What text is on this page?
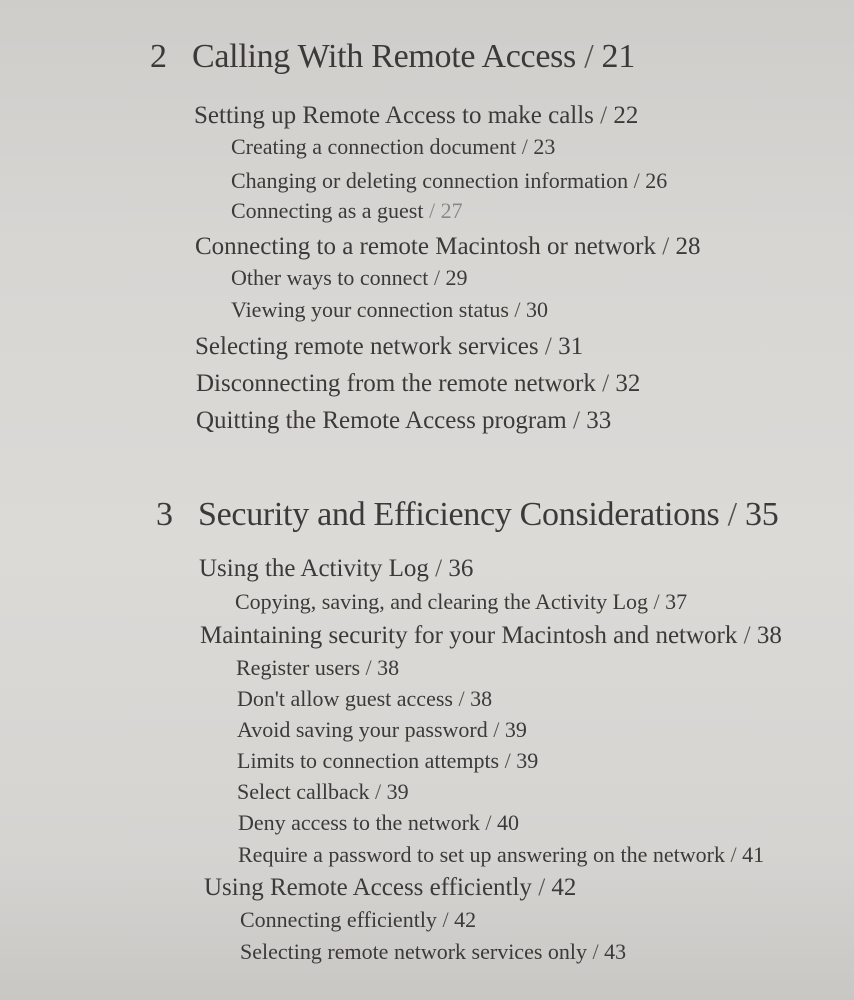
2 Calling With Remote Access / 21
Setting up Remote Access to make calls / 22
Creating a connection document / 23
Changing or deleting connection information / 26
Connecting as a guest / 27
Connecting to a remote Macintosh or network / 28
Other ways to connect / 29
Viewing your connection status / 30
Selecting remote network services / 31
Disconnecting from the remote network / 32
Quitting the Remote Access program / 33
3 Security and Efficiency Considerations / 35
Using the Activity Log / 36
Copying, saving, and clearing the Activity Log / 37
Maintaining security for your Macintosh and network / 38
Register users / 38
Don't allow guest access / 38
Avoid saving your password / 39
Limits to connection attempts / 39
Select callback / 39
Deny access to the network / 40
Require a password to set up answering on the network / 41
Using Remote Access efficiently / 42
Connecting efficiently / 42
Selecting remote network services only / 43
